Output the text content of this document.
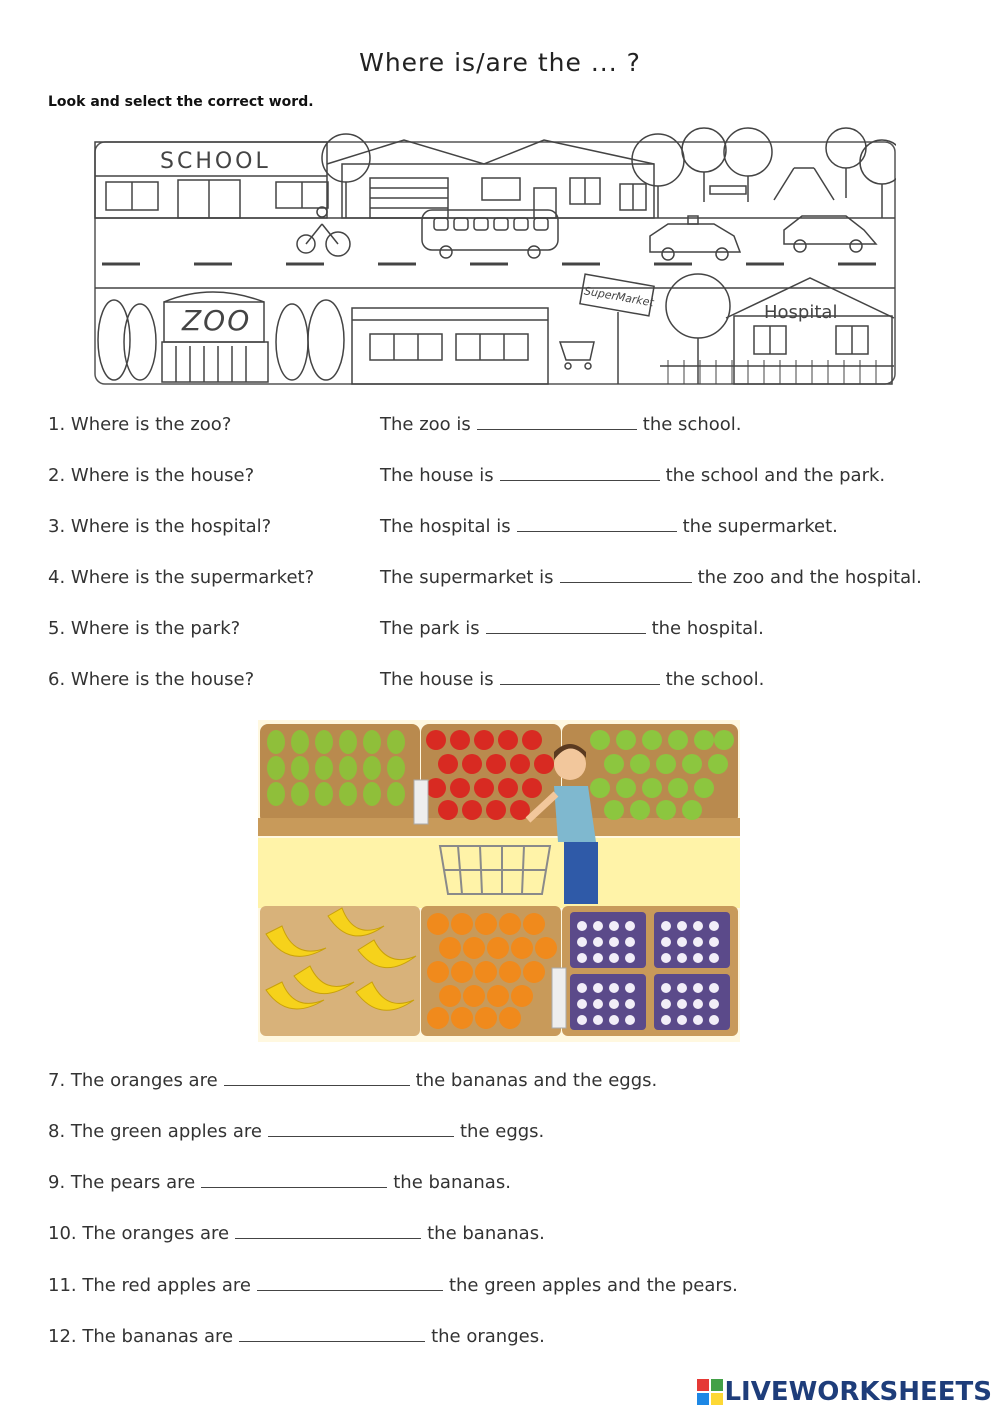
Where is/are the ... ?
Look and select the correct word.
SCHOOL
ZOO
SuperMarket
Hospital
1. Where is the zoo?	The zoo is	the school.
2. Where is the house?	The house is	the school and the park.
3. Where is the hospital?	The hospital is	the supermarket.
4. Where is the supermarket?	The supermarket is	the zoo and the hospital.
5. Where is the park?	The park is	the hospital.
6. Where is the house?	The house is	the school.
7. The oranges are	the bananas and the eggs.
8. The green apples are	the eggs.
9. The pears are	the bananas.
10. The oranges are	the bananas.
11. The red apples are	the green apples and the pears.
12. The bananas are	the oranges.
LIVEWORKSHEETS
